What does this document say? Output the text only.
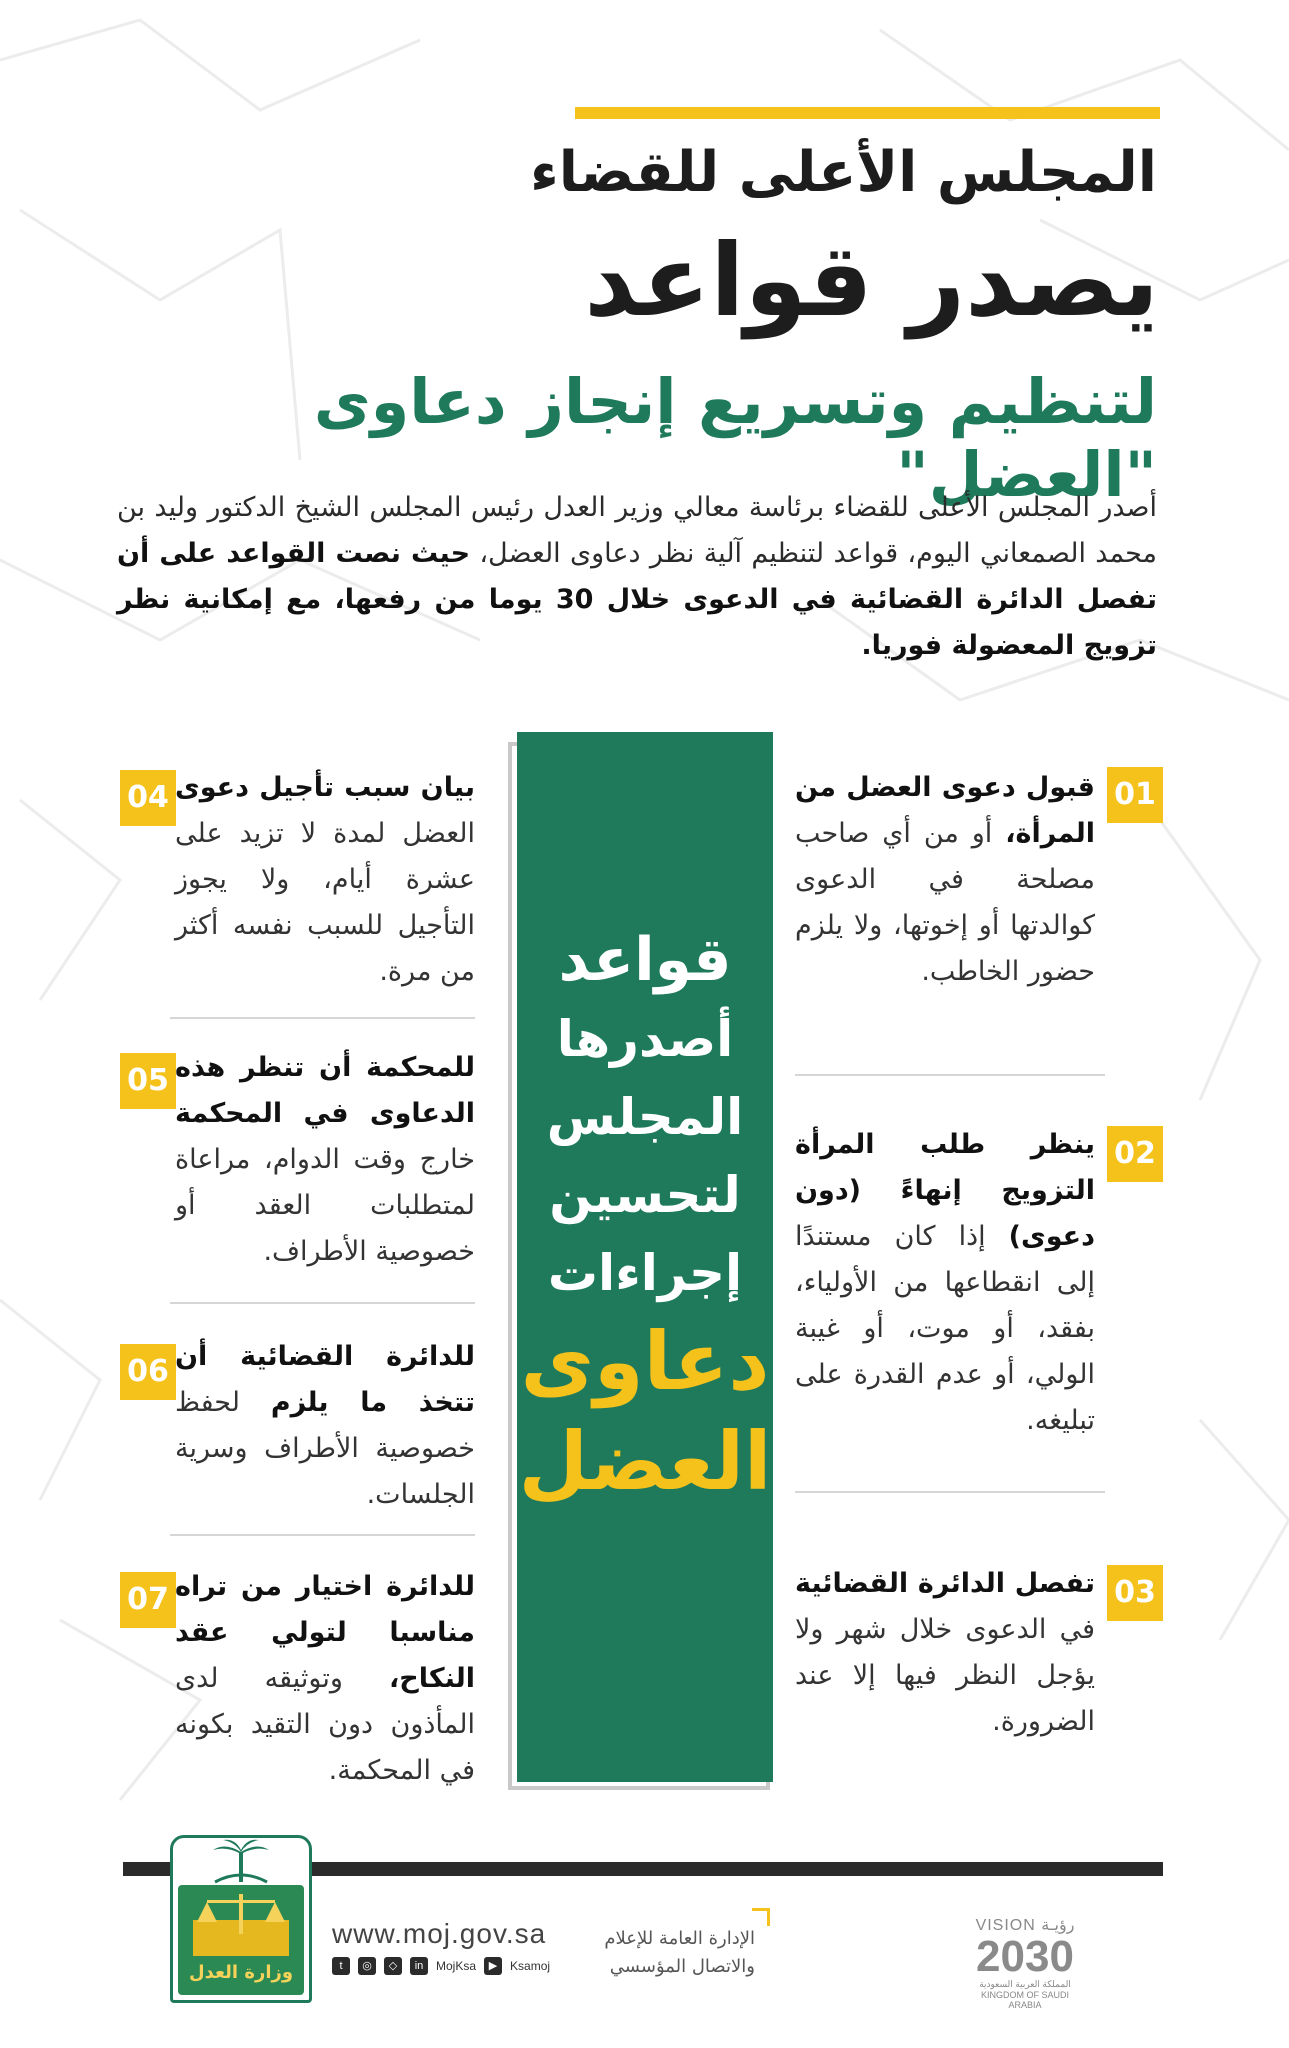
المجلس الأعلى للقضاء
يصدر قواعد
لتنظيم وتسريع إنجاز دعاوى "العضل"
أصدر المجلس الأعلى للقضاء برئاسة معالي وزير العدل رئيس المجلس الشيخ الدكتور وليد بن محمد الصمعاني اليوم، قواعد لتنظيم آلية نظر دعاوى العضل، حيث نصت القواعد على أن تفصل الدائرة القضائية في الدعوى خلال 30 يوما من رفعها، مع إمكانية نظر تزويج المعضولة فوريا.
قواعد
أصدرها
المجلس
لتحسين
إجراءات
دعاوى
العضل
01
قبول دعوى العضل من المرأة، أو من أي صاحب مصلحة في الدعوى كوالدتها أو إخوتها، ولا يلزم حضور الخاطب.
02
ينظر طلب المرأة التزويج إنهاءً (دون دعوى) إذا كان مستندًا إلى انقطاعها من الأولياء، بفقد، أو موت، أو غيبة الولي، أو عدم القدرة على تبليغه.
03
تفصل الدائرة القضائية في الدعوى خلال شهر ولا يؤجل النظر فيها إلا عند الضرورة.
04 بيان سبب تأجيل دعوى العضل لمدة لا تزيد على عشرة أيام، ولا يجوز التأجيل للسبب نفسه أكثر من مرة.
05 للمحكمة أن تنظر هذه الدعاوى في المحكمة خارج وقت الدوام، مراعاة لمتطلبات العقد أو خصوصية الأطراف.
06 للدائرة القضائية أن تتخذ ما يلزم لحفظ خصوصية الأطراف وسرية الجلسات.
07 للدائرة اختيار من تراه مناسبا لتولي عقد النكاح، وتوثيقه لدى المأذون دون التقيد بكونه في المحكمة.
وزارة العدل
www.moj.gov.sa
t	◎	◇	in	MojKsa	▶	Ksamoj
الإدارة العامة للإعلام
والاتصال المؤسسي
VISION رؤيـة
2030
المملكة العربية السعودية
KINGDOM OF SAUDI ARABIA
